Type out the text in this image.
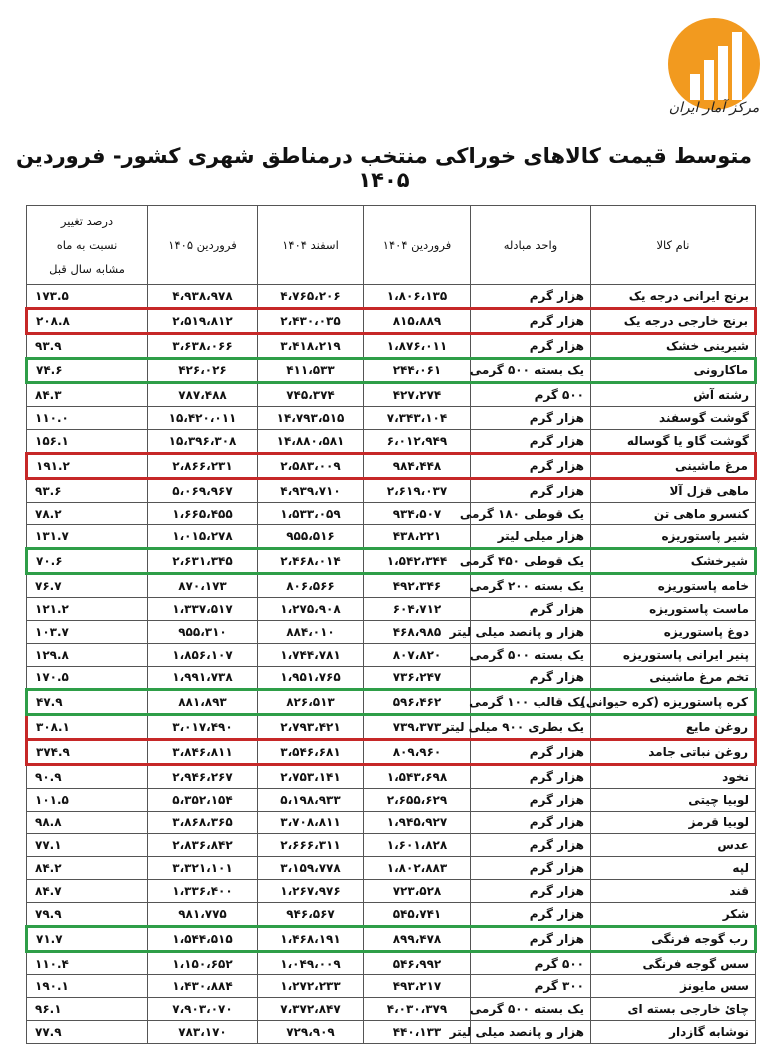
مرکز آمار ایران
متوسط قیمت کالاهای خوراکی منتخب درمناطق شهری کشور- فروردین ۱۴۰۵
نام کالا	واحد مبادله	فروردین ۱۴۰۴	اسفند ۱۴۰۴	فروردین ۱۴۰۵	درصد تغییر
نسبت به ماه
مشابه سال قبل

برنج ایرانی درجه یک	هزار گرم	۱،۸۰۶،۱۳۵	۴،۷۶۵،۲۰۶	۴،۹۳۸،۹۷۸	۱۷۳.۵
برنج خارجی درجه یک	هزار گرم	۸۱۵،۸۸۹	۲،۴۳۰،۰۳۵	۲،۵۱۹،۸۱۲	۲۰۸.۸
شیرینی خشک	هزار گرم	۱،۸۷۶،۰۱۱	۳،۴۱۸،۲۱۹	۳،۶۳۸،۰۶۶	۹۳.۹
ماکارونی	یک بسته ۵۰۰ گرمی	۲۴۴،۰۶۱	۴۱۱،۵۳۳	۴۲۶،۰۲۶	۷۴.۶
رشته آش	۵۰۰ گرم	۴۲۷،۲۷۴	۷۴۵،۳۷۴	۷۸۷،۴۸۸	۸۴.۳
گوشت گوسفند	هزار گرم	۷،۳۴۳،۱۰۴	۱۴،۷۹۳،۵۱۵	۱۵،۴۲۰،۰۱۱	۱۱۰.۰
گوشت گاو یا گوساله	هزار گرم	۶،۰۱۲،۹۴۹	۱۴،۸۸۰،۵۸۱	۱۵،۳۹۶،۳۰۸	۱۵۶.۱
مرغ ماشینی	هزار گرم	۹۸۴،۴۴۸	۲،۵۸۳،۰۰۹	۲،۸۶۶،۲۳۱	۱۹۱.۲
ماهی قزل آلا	هزار گرم	۲،۶۱۹،۰۳۷	۴،۹۳۹،۷۱۰	۵،۰۶۹،۹۶۷	۹۳.۶
کنسرو ماهی تن	یک قوطی ۱۸۰ گرمی	۹۳۴،۵۰۷	۱،۵۳۳،۰۵۹	۱،۶۶۵،۴۵۵	۷۸.۲
شیر پاستوریزه	هزار میلی لیتر	۴۳۸،۲۲۱	۹۵۵،۵۱۶	۱،۰۱۵،۲۷۸	۱۳۱.۷
شیرخشک	یک قوطی ۴۵۰ گرمی	۱،۵۴۲،۳۴۴	۲،۴۶۸،۰۱۴	۲،۶۳۱،۳۴۵	۷۰.۶
خامه پاستوریزه	یک بسته ۲۰۰ گرمی	۴۹۲،۳۴۶	۸۰۶،۵۶۶	۸۷۰،۱۷۳	۷۶.۷
ماست پاستوریزه	هزار گرم	۶۰۴،۷۱۲	۱،۲۷۵،۹۰۸	۱،۳۳۷،۵۱۷	۱۲۱.۲
دوغ پاستوریزه	هزار و پانصد میلی لیتر	۴۶۸،۹۸۵	۸۸۴،۰۱۰	۹۵۵،۳۱۰	۱۰۳.۷
پنیر ایرانی پاستوریزه	یک بسته ۵۰۰ گرمی	۸۰۷،۸۲۰	۱،۷۴۴،۷۸۱	۱،۸۵۶،۱۰۷	۱۲۹.۸
تخم مرغ ماشینی	هزار گرم	۷۳۶،۲۴۷	۱،۹۵۱،۷۶۵	۱،۹۹۱،۷۳۸	۱۷۰.۵
کره پاستوریزه (کره حیوانی)	یک قالب ۱۰۰ گرمی	۵۹۶،۴۶۲	۸۲۶،۵۱۳	۸۸۱،۸۹۳	۴۷.۹
روغن مایع	یک بطری ۹۰۰ میلی لیتر	۷۳۹،۳۷۳	۲،۷۹۳،۴۲۱	۳،۰۱۷،۴۹۰	۳۰۸.۱
روغن نباتی جامد	هزار گرم	۸۰۹،۹۶۰	۳،۵۴۶،۶۸۱	۳،۸۴۶،۸۱۱	۳۷۴.۹
نخود	هزار گرم	۱،۵۴۳،۶۹۸	۲،۷۵۳،۱۴۱	۲،۹۴۶،۲۶۷	۹۰.۹
لوبیا چیتی	هزار گرم	۲،۶۵۵،۶۲۹	۵،۱۹۸،۹۳۳	۵،۳۵۲،۱۵۴	۱۰۱.۵
لوبیا قرمز	هزار گرم	۱،۹۴۵،۹۲۷	۳،۷۰۸،۸۱۱	۳،۸۶۸،۳۶۵	۹۸.۸
عدس	هزار گرم	۱،۶۰۱،۸۲۸	۲،۶۶۶،۳۱۱	۲،۸۳۶،۸۴۲	۷۷.۱
لپه	هزار گرم	۱،۸۰۲،۸۸۳	۳،۱۵۹،۷۷۸	۳،۳۲۱،۱۰۱	۸۴.۲
قند	هزار گرم	۷۲۳،۵۲۸	۱،۲۶۷،۹۷۶	۱،۳۳۶،۴۰۰	۸۴.۷
شکر	هزار گرم	۵۴۵،۷۴۱	۹۴۶،۵۶۷	۹۸۱،۷۷۵	۷۹.۹
رب گوجه فرنگی	هزار گرم	۸۹۹،۴۷۸	۱،۴۶۸،۱۹۱	۱،۵۴۴،۵۱۵	۷۱.۷
سس گوجه فرنگی	۵۰۰ گرم	۵۴۶،۹۹۲	۱،۰۴۹،۰۰۹	۱،۱۵۰،۶۵۲	۱۱۰.۴
سس مایونز	۳۰۰ گرم	۴۹۳،۲۱۷	۱،۲۷۲،۲۳۳	۱،۴۳۰،۸۸۴	۱۹۰.۱
چائ خارجی بسته ای	یک بسته ۵۰۰ گرمی	۴،۰۳۰،۳۷۹	۷،۳۷۲،۸۴۷	۷،۹۰۳،۰۷۰	۹۶.۱
نوشابه گازدار	هزار و پانصد میلی لیتر	۴۴۰،۱۳۳	۷۲۹،۹۰۹	۷۸۳،۱۷۰	۷۷.۹
